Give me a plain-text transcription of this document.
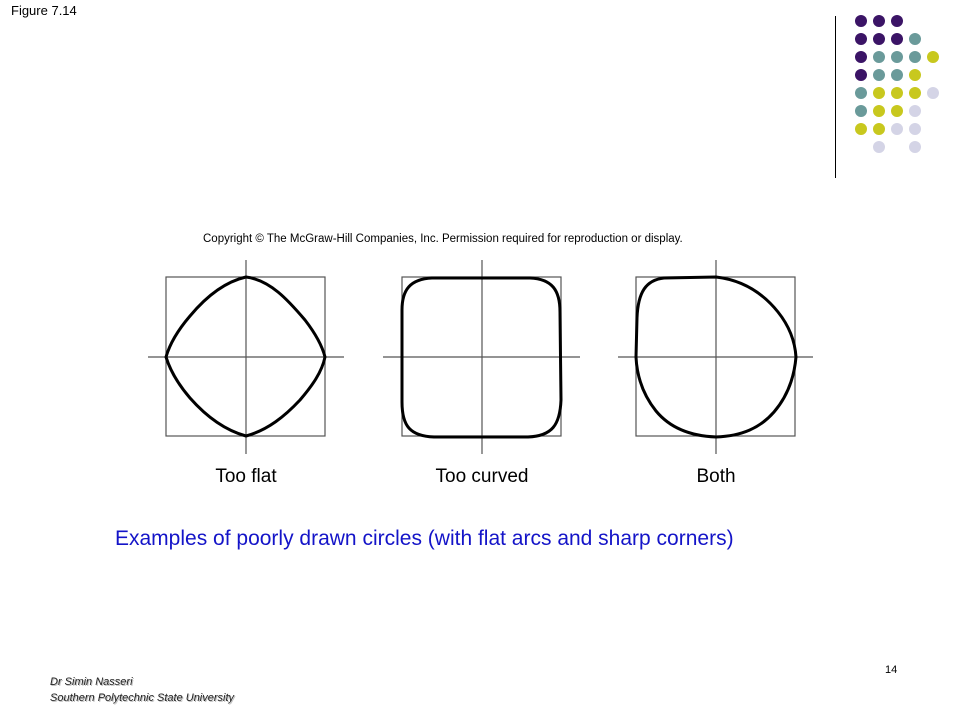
Figure 7.14
Copyright © The McGraw-Hill Companies, Inc. Permission required for reproduction or display.
Too flat	Too curved	Both
Examples of poorly drawn circles (with flat arcs and sharp corners)
Dr Simin Nasseri
Southern Polytechnic State University
14
